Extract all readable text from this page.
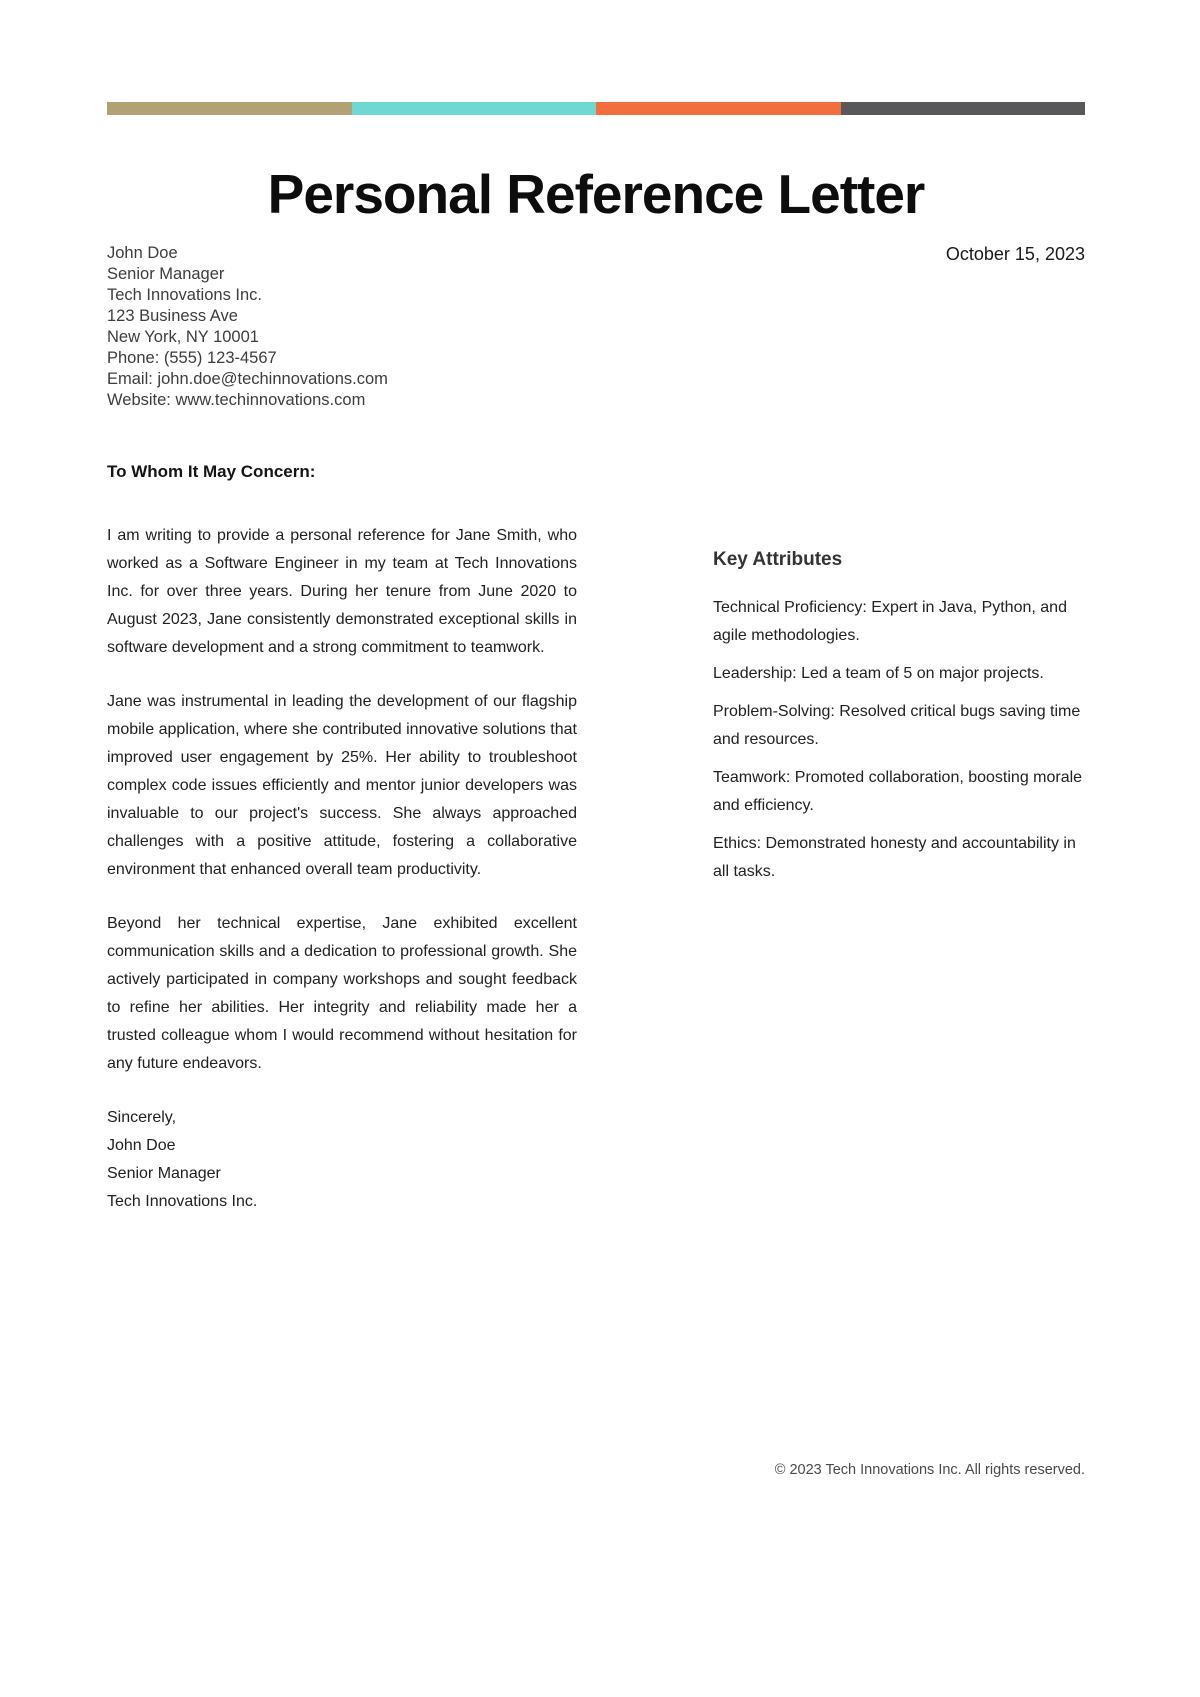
Personal Reference Letter
John Doe
Senior Manager
Tech Innovations Inc.
123 Business Ave
New York, NY 10001
Phone: (555) 123-4567
Email: john.doe@techinnovations.com
Website: www.techinnovations.com
October 15, 2023
To Whom It May Concern:

I am writing to provide a personal reference for Jane Smith, who worked as a Software Engineer in my team at Tech Innovations Inc. for over three years. During her tenure from June 2020 to August 2023, Jane consistently demonstrated exceptional skills in software development and a strong commitment to teamwork.

Jane was instrumental in leading the development of our flagship mobile application, where she contributed innovative solutions that improved user engagement by 25%. Her ability to troubleshoot complex code issues efficiently and mentor junior developers was invaluable to our project's success. She always approached challenges with a positive attitude, fostering a collaborative environment that enhanced overall team productivity.

Beyond her technical expertise, Jane exhibited excellent communication skills and a dedication to professional growth. She actively participated in company workshops and sought feedback to refine her abilities. Her integrity and reliability made her a trusted colleague whom I would recommend without hesitation for any future endeavors.

Sincerely,
John Doe
Senior Manager
Tech Innovations Inc.
Key Attributes
Technical Proficiency: Expert in Java, Python, and agile methodologies.
Leadership: Led a team of 5 on major projects.
Problem-Solving: Resolved critical bugs saving time and resources.
Teamwork: Promoted collaboration, boosting morale and efficiency.
Ethics: Demonstrated honesty and accountability in all tasks.
© 2023 Tech Innovations Inc. All rights reserved.
